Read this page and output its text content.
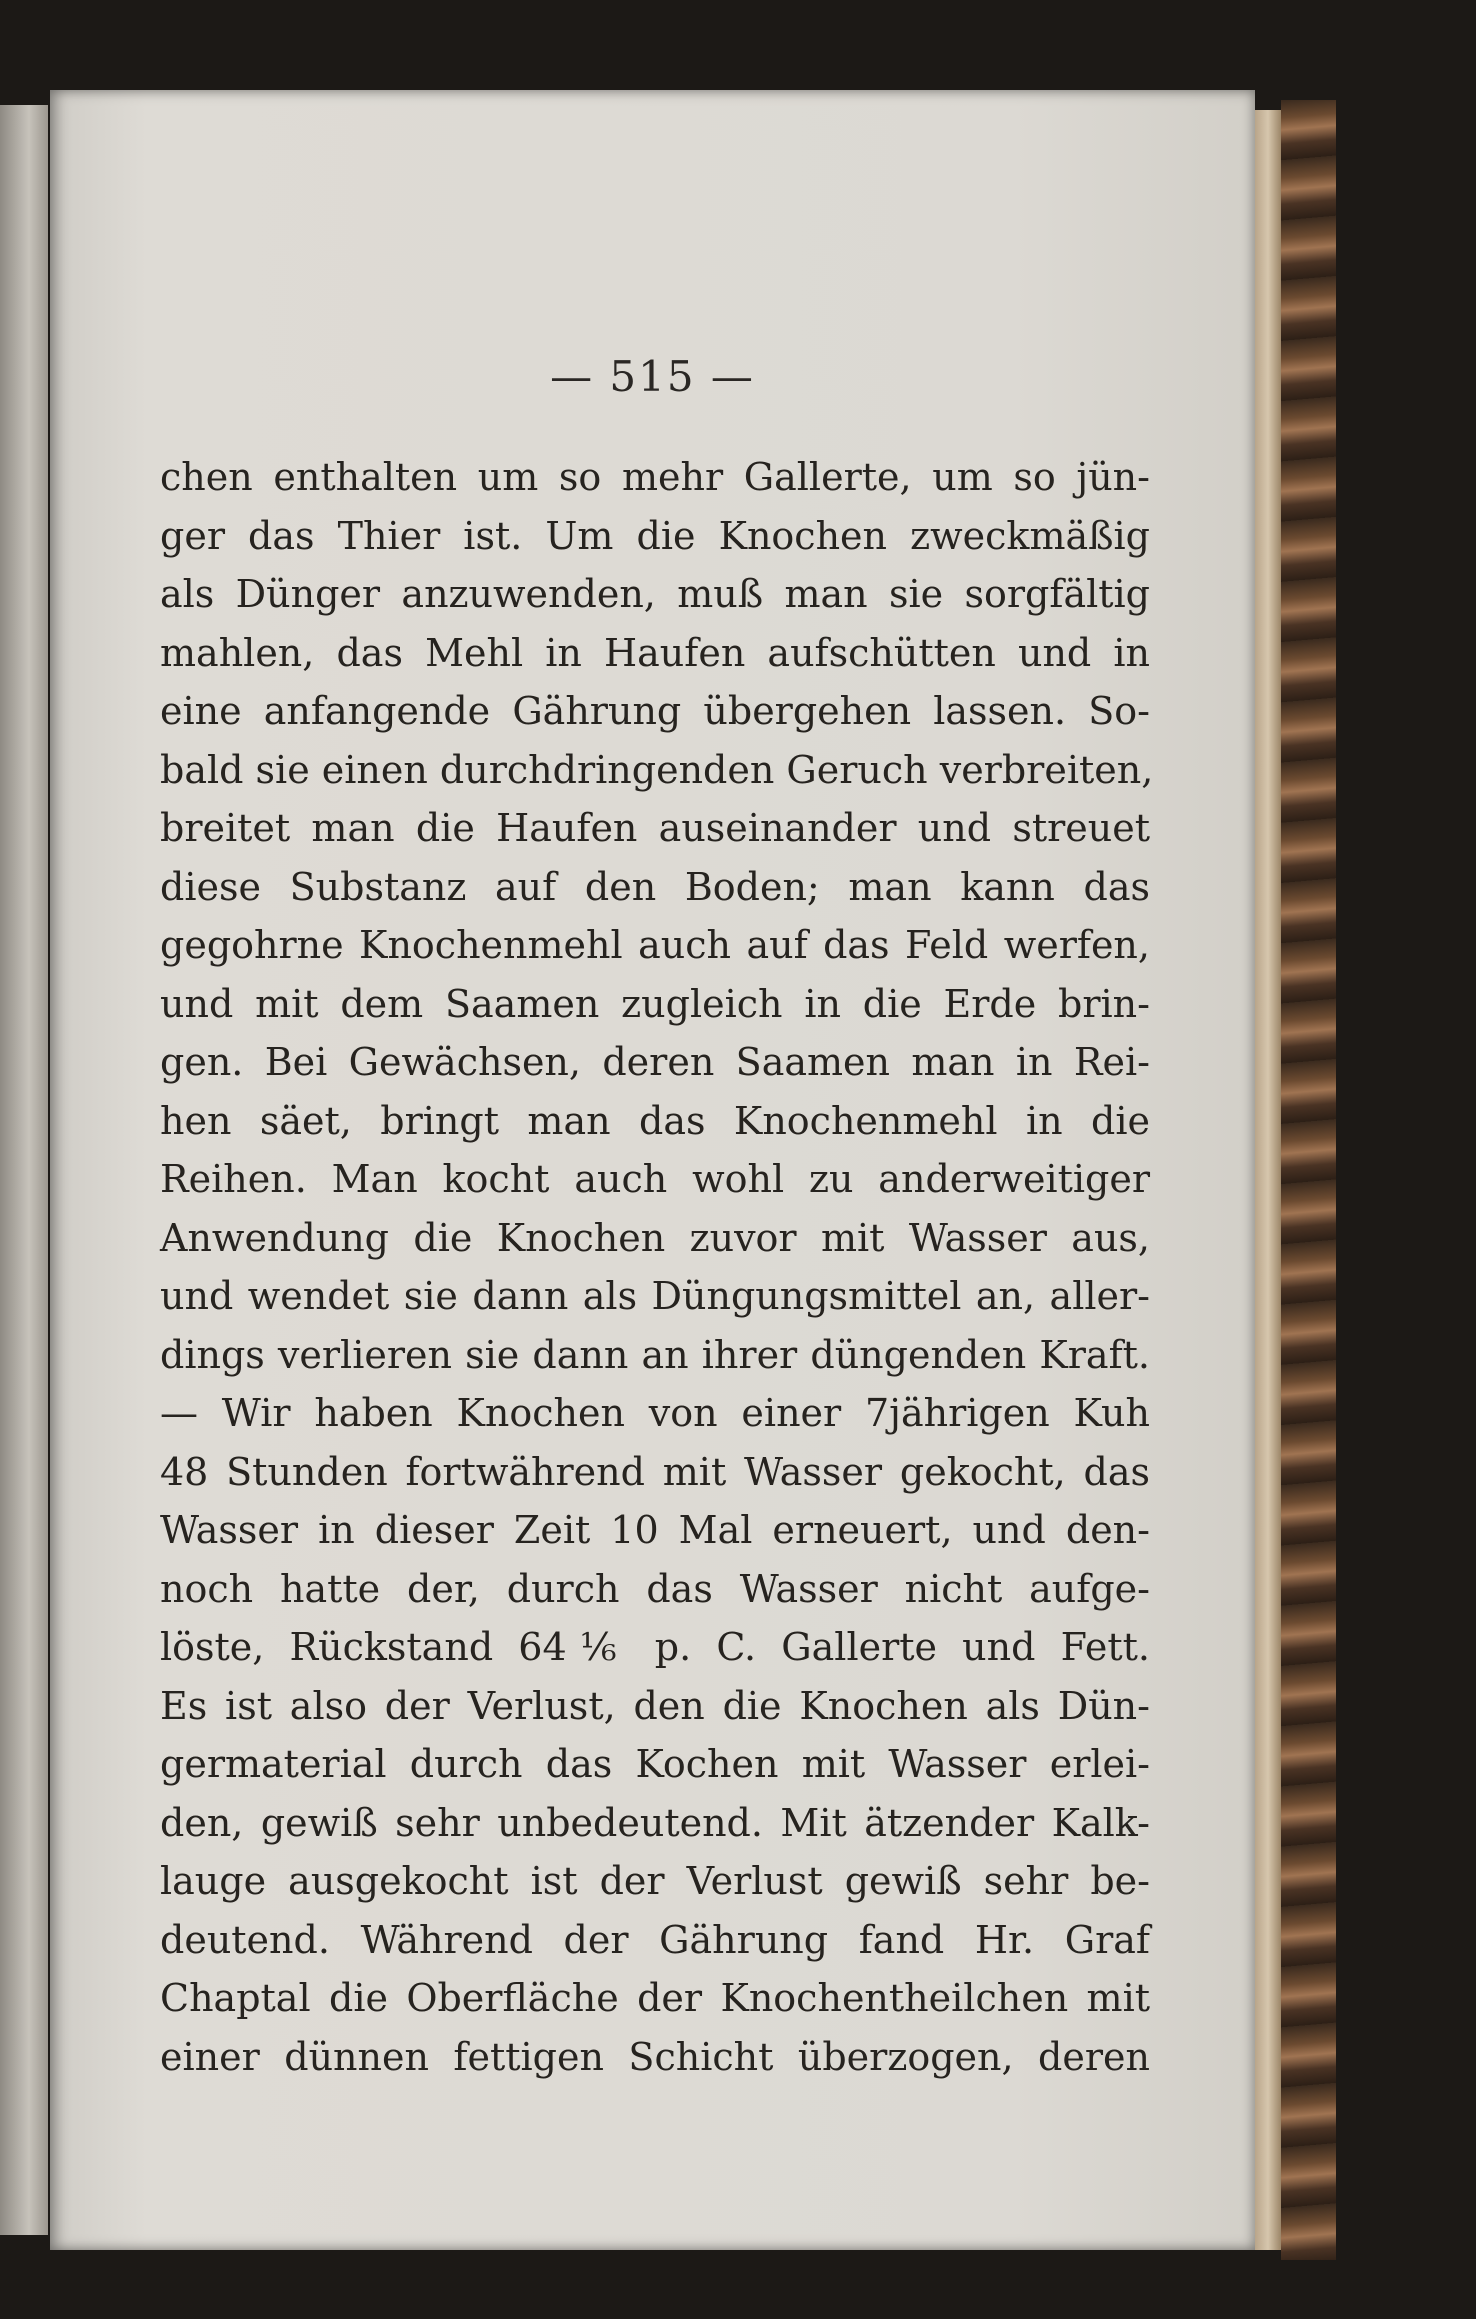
— 515 —
chen enthalten um so mehr Gallerte, um so jün-
ger das Thier ist. Um die Knochen zweckmäßig
als Dünger anzuwenden, muß man sie sorgfältig
mahlen, das Mehl in Haufen aufschütten und in
eine anfangende Gährung übergehen lassen. So-
bald sie einen durchdringenden Geruch verbreiten,
breitet man die Haufen auseinander und streuet
diese Substanz auf den Boden; man kann das
gegohrne Knochenmehl auch auf das Feld werfen,
und mit dem Saamen zugleich in die Erde brin-
gen. Bei Gewächsen, deren Saamen man in Rei-
hen säet, bringt man das Knochenmehl in die
Reihen. Man kocht auch wohl zu anderweitiger
Anwendung die Knochen zuvor mit Wasser aus,
und wendet sie dann als Düngungsmittel an, aller-
dings verlieren sie dann an ihrer düngenden Kraft.
— Wir haben Knochen von einer 7jährigen Kuh
48 Stunden fortwährend mit Wasser gekocht, das
Wasser in dieser Zeit 10 Mal erneuert, und den-
noch hatte der, durch das Wasser nicht aufge-
löste, Rückstand 64⅙ p. C. Gallerte und Fett.
Es ist also der Verlust, den die Knochen als Dün-
germaterial durch das Kochen mit Wasser erlei-
den, gewiß sehr unbedeutend. Mit ätzender Kalk-
lauge ausgekocht ist der Verlust gewiß sehr be-
deutend. Während der Gährung fand Hr. Graf
Chaptal die Oberfläche der Knochentheilchen mit
einer dünnen fettigen Schicht überzogen, deren
